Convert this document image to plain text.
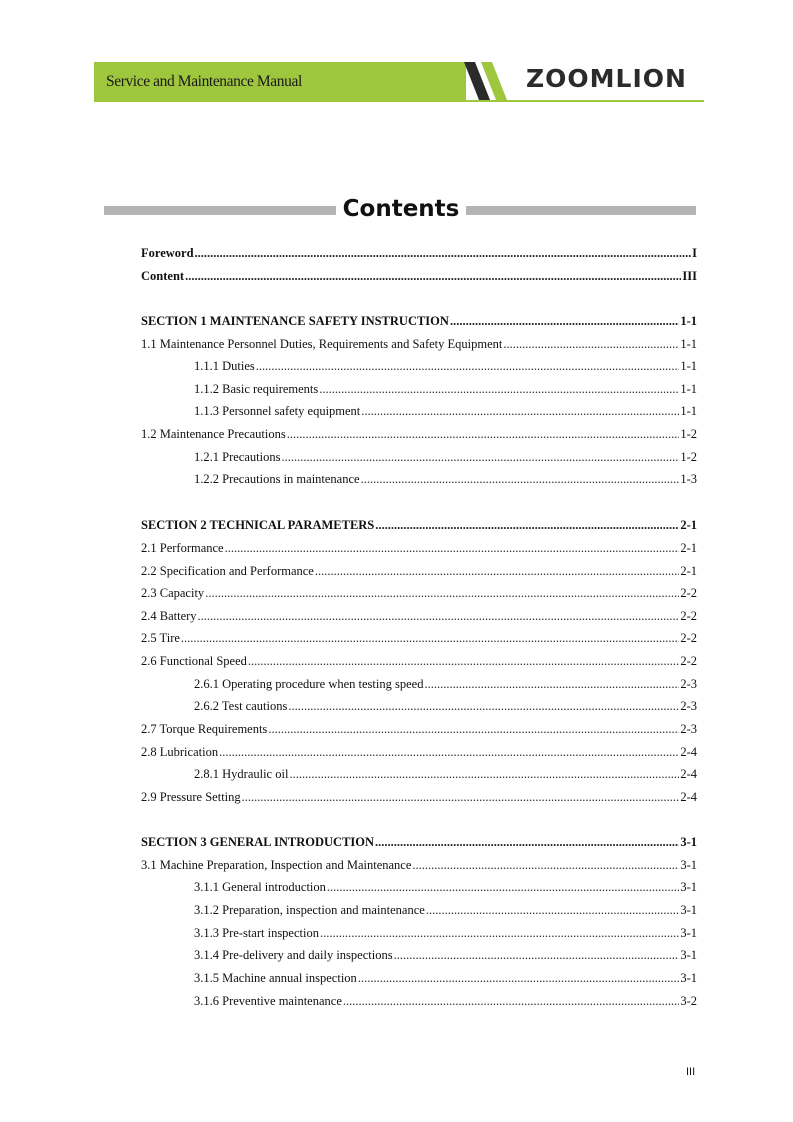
Service and Maintenance Manual	ZOOMLION
Contents
Foreword .....	I
Content .....	III
SECTION 1 MAINTENANCE SAFETY INSTRUCTION .....	1-1
1.1 Maintenance Personnel Duties, Requirements and Safety Equipment .....	1-1
1.1.1 Duties .....	1-1
1.1.2 Basic requirements .....	1-1
1.1.3 Personnel safety equipment .....	1-1
1.2 Maintenance Precautions .....	1-2
1.2.1 Precautions .....	1-2
1.2.2 Precautions in maintenance .....	1-3
SECTION 2 TECHNICAL PARAMETERS .....	2-1
2.1 Performance .....	2-1
2.2 Specification and Performance .....	2-1
2.3 Capacity .....	2-2
2.4 Battery .....	2-2
2.5 Tire .....	2-2
2.6 Functional Speed .....	2-2
2.6.1 Operating procedure when testing speed .....	2-3
2.6.2 Test cautions .....	2-3
2.7 Torque Requirements .....	2-3
2.8 Lubrication .....	2-4
2.8.1 Hydraulic oil .....	2-4
2.9 Pressure Setting .....	2-4
SECTION 3 GENERAL INTRODUCTION .....	3-1
3.1 Machine Preparation, Inspection and Maintenance .....	3-1
3.1.1 General introduction .....	3-1
3.1.2 Preparation, inspection and maintenance .....	3-1
3.1.3 Pre-start inspection .....	3-1
3.1.4 Pre-delivery and daily inspections .....	3-1
3.1.5 Machine annual inspection .....	3-1
3.1.6 Preventive maintenance .....	3-2
III
